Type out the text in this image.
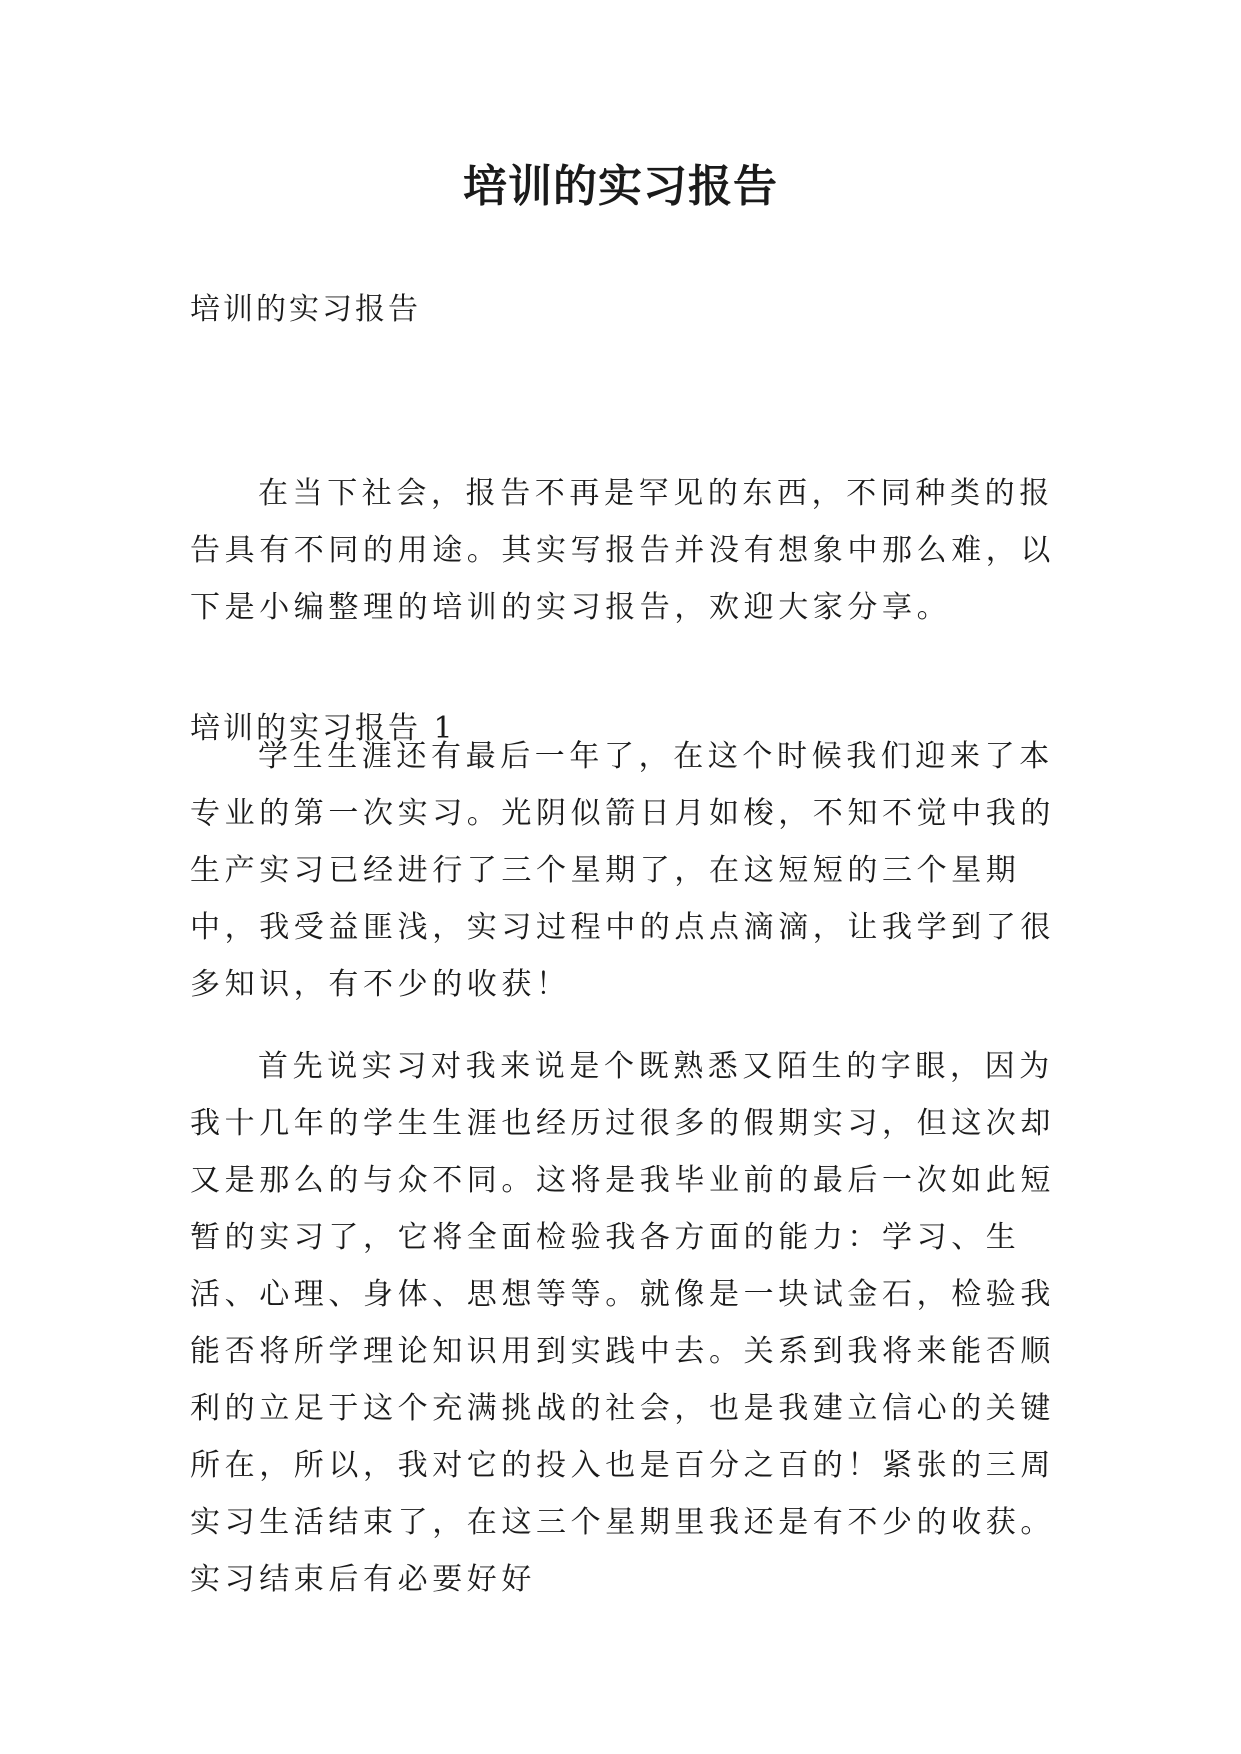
培训的实习报告

培训的实习报告

在当下社会，报告不再是罕见的东西，不同种类的报告具有不同的用途。其实写报告并没有想象中那么难，以下是小编整理的培训的实习报告，欢迎大家分享。

培训的实习报告 1

学生生涯还有最后一年了，在这个时候我们迎来了本专业的第一次实习。光阴似箭日月如梭，不知不觉中我的生产实习已经进行了三个星期了，在这短短的三个星期中，我受益匪浅，实习过程中的点点滴滴，让我学到了很多知识，有不少的收获！

首先说实习对我来说是个既熟悉又陌生的字眼，因为我十几年的学生生涯也经历过很多的假期实习，但这次却又是那么的与众不同。这将是我毕业前的最后一次如此短暂的实习了，它将全面检验我各方面的能力：学习、生活、心理、身体、思想等等。就像是一块试金石，检验我能否将所学理论知识用到实践中去。关系到我将来能否顺利的立足于这个充满挑战的社会，也是我建立信心的关键所在，所以，我对它的投入也是百分之百的！紧张的三周实习生活结束了，在这三个星期里我还是有不少的收获。实习结束后有必要好好
